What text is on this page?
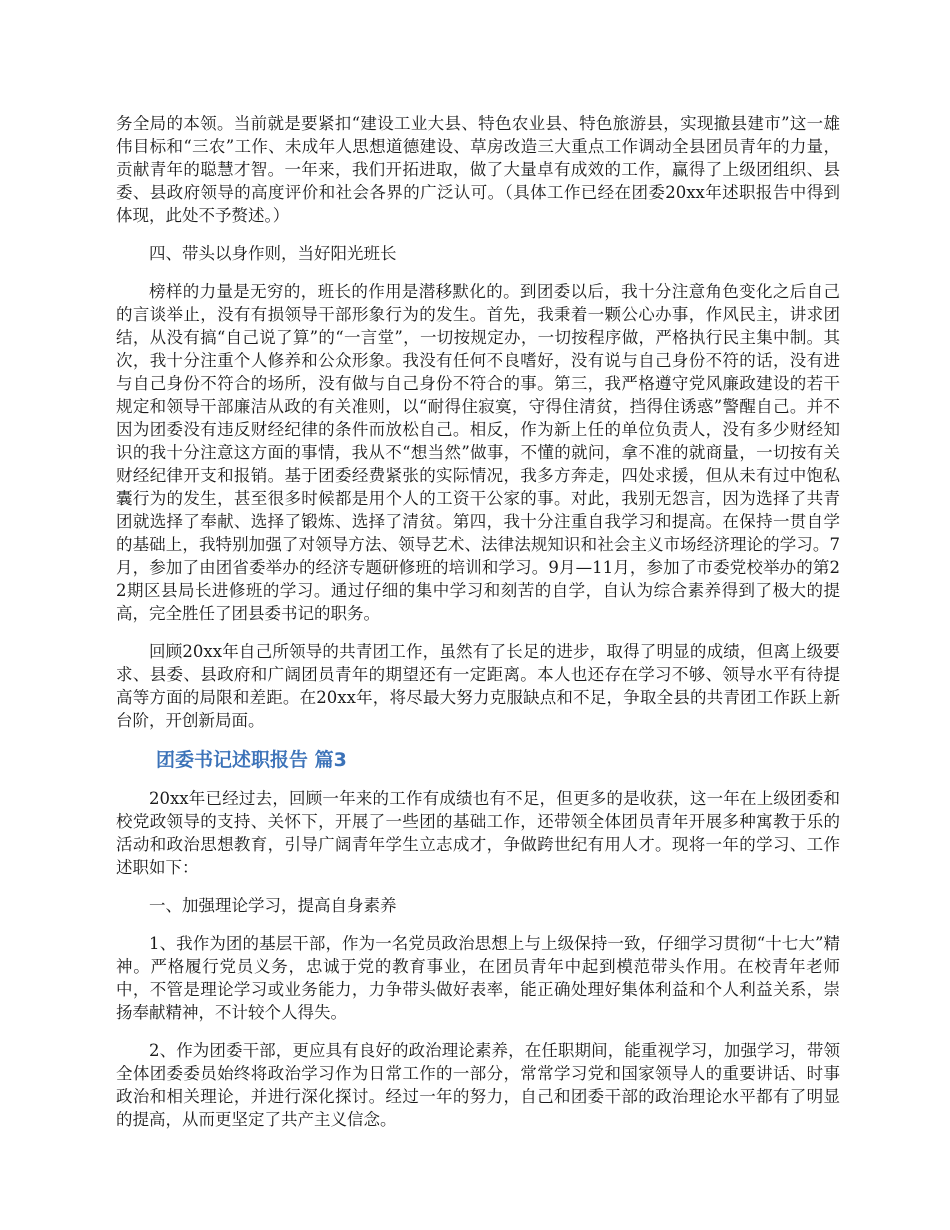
务全局的本领。当前就是要紧扣“建设工业大县、特色农业县、特色旅游县，实现撤县建市”这一雄伟目标和“三农”工作、未成年人思想道德建设、草房改造三大重点工作调动全县团员青年的力量，贡献青年的聪慧才智。一年来，我们开拓进取，做了大量卓有成效的工作，赢得了上级团组织、县委、县政府领导的高度评价和社会各界的广泛认可。（具体工作已经在团委20xx年述职报告中得到体现，此处不予赘述。）

四、带头以身作则，当好阳光班长

榜样的力量是无穷的，班长的作用是潜移默化的。到团委以后，我十分注意角色变化之后自己的言谈举止，没有有损领导干部形象行为的发生。首先，我秉着一颗公心办事，作风民主，讲求团结，从没有搞“自己说了算”的“一言堂”，一切按规定办，一切按程序做，严格执行民主集中制。其次，我十分注重个人修养和公众形象。我没有任何不良嗜好，没有说与自己身份不符的话，没有进与自己身份不符合的场所，没有做与自己身份不符合的事。第三，我严格遵守党风廉政建设的若干规定和领导干部廉洁从政的有关准则，以“耐得住寂寞，守得住清贫，挡得住诱惑”警醒自己。并不因为团委没有违反财经纪律的条件而放松自己。相反，作为新上任的单位负责人，没有多少财经知识的我十分注意这方面的事情，我从不“想当然”做事，不懂的就问，拿不准的就商量，一切按有关财经纪律开支和报销。基于团委经费紧张的实际情况，我多方奔走，四处求援，但从未有过中饱私囊行为的发生，甚至很多时候都是用个人的工资干公家的事。对此，我别无怨言，因为选择了共青团就选择了奉献、选择了锻炼、选择了清贫。第四，我十分注重自我学习和提高。在保持一贯自学的基础上，我特别加强了对领导方法、领导艺术、法律法规知识和社会主义市场经济理论的学习。7月，参加了由团省委举办的经济专题研修班的培训和学习。9月—11月，参加了市委党校举办的第22期区县局长进修班的学习。通过仔细的集中学习和刻苦的自学，自认为综合素养得到了极大的提高，完全胜任了团县委书记的职务。

回顾20xx年自己所领导的共青团工作，虽然有了长足的进步，取得了明显的成绩，但离上级要求、县委、县政府和广阔团员青年的期望还有一定距离。本人也还存在学习不够、领导水平有待提高等方面的局限和差距。在20xx年，将尽最大努力克服缺点和不足，争取全县的共青团工作跃上新台阶，开创新局面。

团委书记述职报告 篇3

20xx年已经过去，回顾一年来的工作有成绩也有不足，但更多的是收获，这一年在上级团委和校党政领导的支持、关怀下，开展了一些团的基础工作，还带领全体团员青年开展多种寓教于乐的活动和政治思想教育，引导广阔青年学生立志成才，争做跨世纪有用人才。现将一年的学习、工作述职如下：

一、加强理论学习，提高自身素养

1、我作为团的基层干部，作为一名党员政治思想上与上级保持一致，仔细学习贯彻“十七大”精神。严格履行党员义务，忠诚于党的教育事业，在团员青年中起到模范带头作用。在校青年老师中，不管是理论学习或业务能力，力争带头做好表率，能正确处理好集体利益和个人利益关系，崇扬奉献精神，不计较个人得失。

2、作为团委干部，更应具有良好的政治理论素养，在任职期间，能重视学习，加强学习，带领全体团委委员始终将政治学习作为日常工作的一部分，常常学习党和国家领导人的重要讲话、时事政治和相关理论，并进行深化探讨。经过一年的努力，自己和团委干部的政治理论水平都有了明显的提高，从而更坚定了共产主义信念。
